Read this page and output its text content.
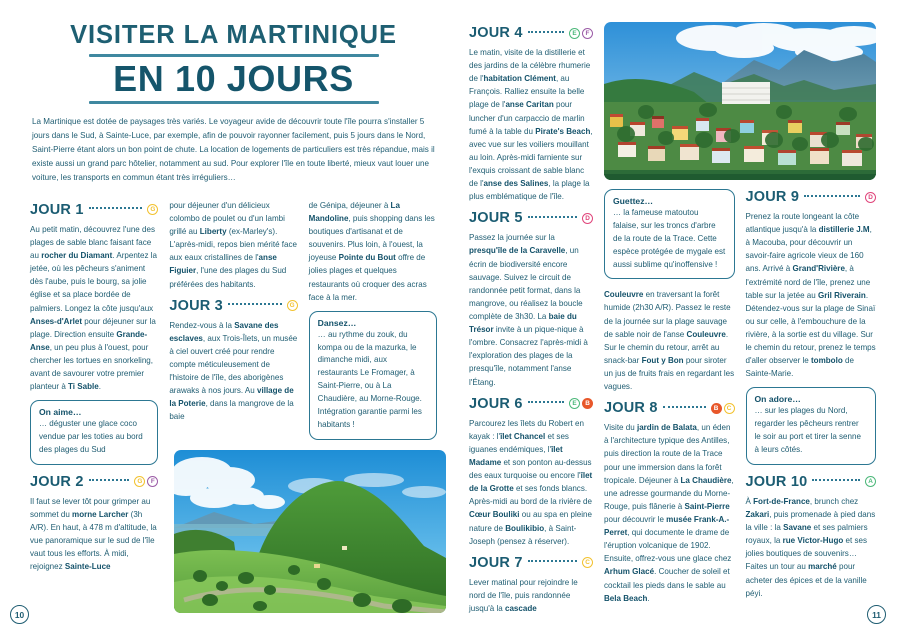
VISITER LA MARTINIQUE
EN 10 JOURS

La Martinique est dotée de paysages très variés. Le voyageur avide de découvrir toute l'île pourra s'installer 5 jours dans le Sud, à Sainte-Luce, par exemple, afin de pouvoir rayonner facilement, puis 5 jours dans le Nord, Saint-Pierre étant alors un bon point de chute. La location de logements de particuliers est très répandue, mais il existe aussi un grand parc hôtelier, notamment au sud. Pour explorer l'île en toute liberté, mieux vaut louer une voiture, les transports en commun étant très irréguliers…

JOUR 1	G

Au petit matin, découvrez l'une des plages de sable blanc faisant face au rocher du Diamant. Arpentez la jetée, où les pêcheurs s'animent dès l'aube, puis le bourg, sa jolie église et sa place bordée de palmiers. Longez la côte jusqu'aux Anses-d'Arlet pour déjeuner sur la plage. Direction ensuite Grande-Anse, un peu plus à l'ouest, pour chercher les tortues en snorkeling, avant de savourer votre premier planteur à Ti Sable.

On aime…
… déguster une glace coco vendue par les toties au bord des plages du Sud
JOUR 2	G	F

Il faut se lever tôt pour grimper au sommet du morne Larcher (3h A/R). En haut, à 478 m d'altitude, la vue panoramique sur le sud de l'île vaut tous les efforts. À midi, rejoignez Sainte-Luce

pour déjeuner d'un délicieux colombo de poulet ou d'un lambi grillé au Liberty (ex-Marley's). L'après-midi, repos bien mérité face aux eaux cristallines de l'anse Figuier, l'une des plages du Sud préférées des habitants.

JOUR 3	G

Rendez-vous à la Savane des esclaves, aux Trois-Îlets, un musée à ciel ouvert créé pour rendre compte méticuleusement de l'histoire de l'île, des aborigènes arawaks à nos jours. Au village de la Poterie, dans la mangrove de la baie

de Génipa, déjeuner à La Mandoline, puis shopping dans les boutiques d'artisanat et de souvenirs. Plus loin, à l'ouest, la joyeuse Pointe du Bout offre de jolies plages et quelques restaurants où croquer des acras face à la mer.

Dansez…
… au rythme du zouk, du kompa ou de la mazurka, le dimanche midi, aux restaurants Le Fromager, à Saint-Pierre, ou à La Chaudière, au Morne-Rouge. Intégration garantie parmi les habitants !
10
JOUR 4	E	F

Le matin, visite de la distillerie et des jardins de la célèbre rhumerie de l'habitation Clément, au François. Ralliez ensuite la belle plage de l'anse Caritan pour luncher d'un carpaccio de marlin fumé à la table du Pirate's Beach, avec vue sur les voiliers mouillant au loin. Après-midi farniente sur l'exquis croissant de sable blanc de l'anse des Salines, la plage la plus emblématique de l'île.

JOUR 5	D

Passez la journée sur la presqu'île de la Caravelle, un écrin de biodiversité encore sauvage. Suivez le circuit de randonnée petit format, dans la mangrove, ou réalisez la boucle complète de 3h30. La baie du Trésor invite à un pique-nique à l'ombre. Consacrez l'après-midi à l'exploration des plages de la presqu'île, notamment l'anse l'Étang.

JOUR 6	E	B

Parcourez les îlets du Robert en kayak : l'îlet Chancel et ses iguanes endémiques, l'îlet Madame et son ponton au-dessus des eaux turquoise ou encore l'îlet de la Grotte et ses fonds blancs. Après-midi au bord de la rivière de Cœur Bouliki ou au spa en pleine nature de Boulikibio, à Saint-Joseph (pensez à réserver).

JOUR 7	C

Lever matinal pour rejoindre le nord de l'île, puis randonnée jusqu'à la cascade

Guettez…
… la fameuse matoutou falaise, sur les troncs d'arbre de la route de la Trace. Cette espèce protégée de mygale est aussi sublime qu'inoffensive !

Couleuvre en traversant la forêt humide (2h30 A/R). Passez le reste de la journée sur la plage sauvage de sable noir de l'anse Couleuvre. Sur le chemin du retour, arrêt au snack-bar Fout y Bon pour siroter un jus de fruits frais en regardant les vagues.

JOUR 8	B	C

Visite du jardin de Balata, un éden à l'architecture typique des Antilles, puis direction la route de la Trace pour une immersion dans la forêt tropicale. Déjeuner à La Chaudière, une adresse gourmande du Morne-Rouge, puis flânerie à Saint-Pierre pour découvrir le musée Frank-A.-Perret, qui documente le drame de l'éruption volcanique de 1902. Ensuite, offrez-vous une glace chez Arhum Glacé. Coucher de soleil et cocktail les pieds dans le sable au Bela Beach.

JOUR 9	D

Prenez la route longeant la côte atlantique jusqu'à la distillerie J.M, à Macouba, pour découvrir un savoir-faire agricole vieux de 160 ans. Arrivé à Grand'Rivière, à l'extrémité nord de l'île, prenez une table sur la jetée au Gril Riverain. Détendez-vous sur la plage de Sinaï ou sur celle, à l'embouchure de la rivière, à la sortie est du village. Sur le chemin du retour, prenez le temps d'aller observer le tombolo de Sainte-Marie.

On adore…
… sur les plages du Nord, regarder les pêcheurs rentrer le soir au port et tirer la senne à leurs côtés.
JOUR 10	A

À Fort-de-France, brunch chez Zakari, puis promenade à pied dans la ville : la Savane et ses palmiers royaux, la rue Victor-Hugo et ses jolies boutiques de souvenirs… Faites un tour au marché pour acheter des épices et de la vanille péyi.

11
